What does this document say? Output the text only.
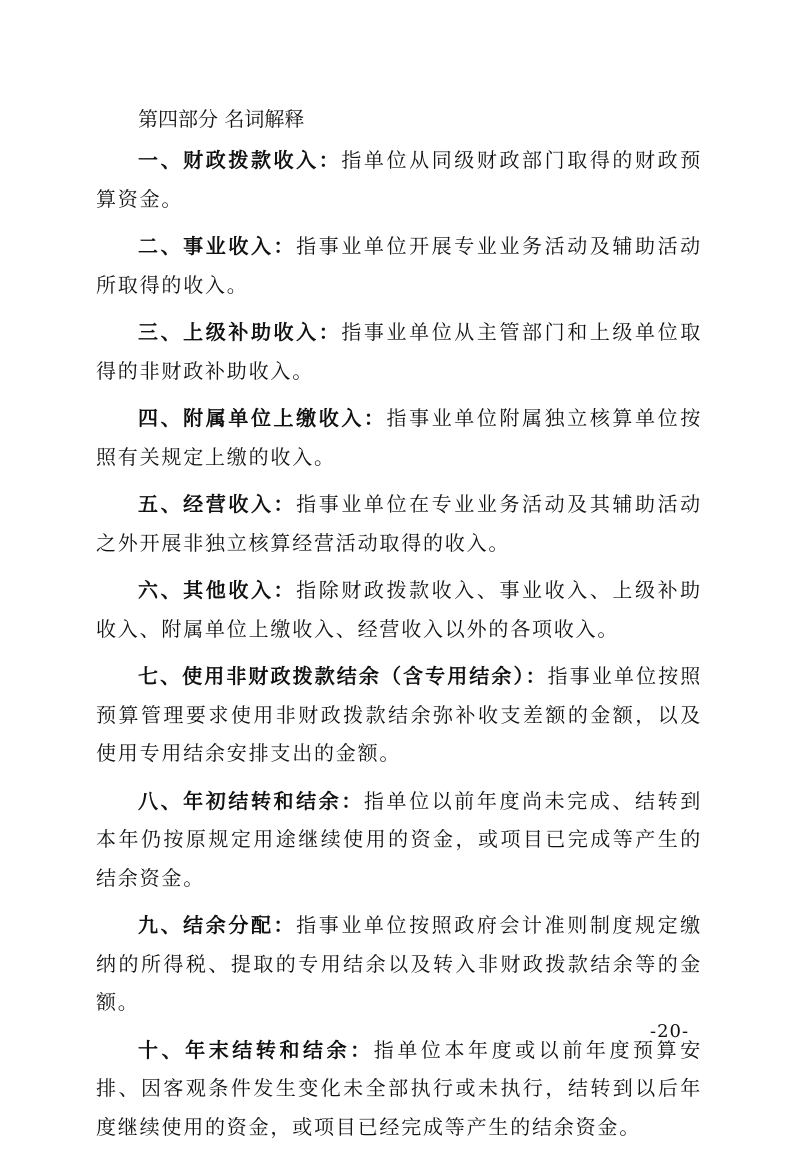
第四部分 名词解释

一、财政拨款收入：指单位从同级财政部门取得的财政预算资金。

二、事业收入：指事业单位开展专业业务活动及辅助活动所取得的收入。

三、上级补助收入：指事业单位从主管部门和上级单位取得的非财政补助收入。

四、附属单位上缴收入：指事业单位附属独立核算单位按照有关规定上缴的收入。

五、经营收入：指事业单位在专业业务活动及其辅助活动之外开展非独立核算经营活动取得的收入。

六、其他收入：指除财政拨款收入、事业收入、上级补助收入、附属单位上缴收入、经营收入以外的各项收入。

七、使用非财政拨款结余（含专用结余）：指事业单位按照预算管理要求使用非财政拨款结余弥补收支差额的金额，以及使用专用结余安排支出的金额。

八、年初结转和结余：指单位以前年度尚未完成、结转到本年仍按原规定用途继续使用的资金，或项目已完成等产生的结余资金。

九、结余分配：指事业单位按照政府会计准则制度规定缴纳的所得税、提取的专用结余以及转入非财政拨款结余等的金额。

十、年末结转和结余：指单位本年度或以前年度预算安排、因客观条件发生变化未全部执行或未执行，结转到以后年度继续使用的资金，或项目已经完成等产生的结余资金。

-20-
